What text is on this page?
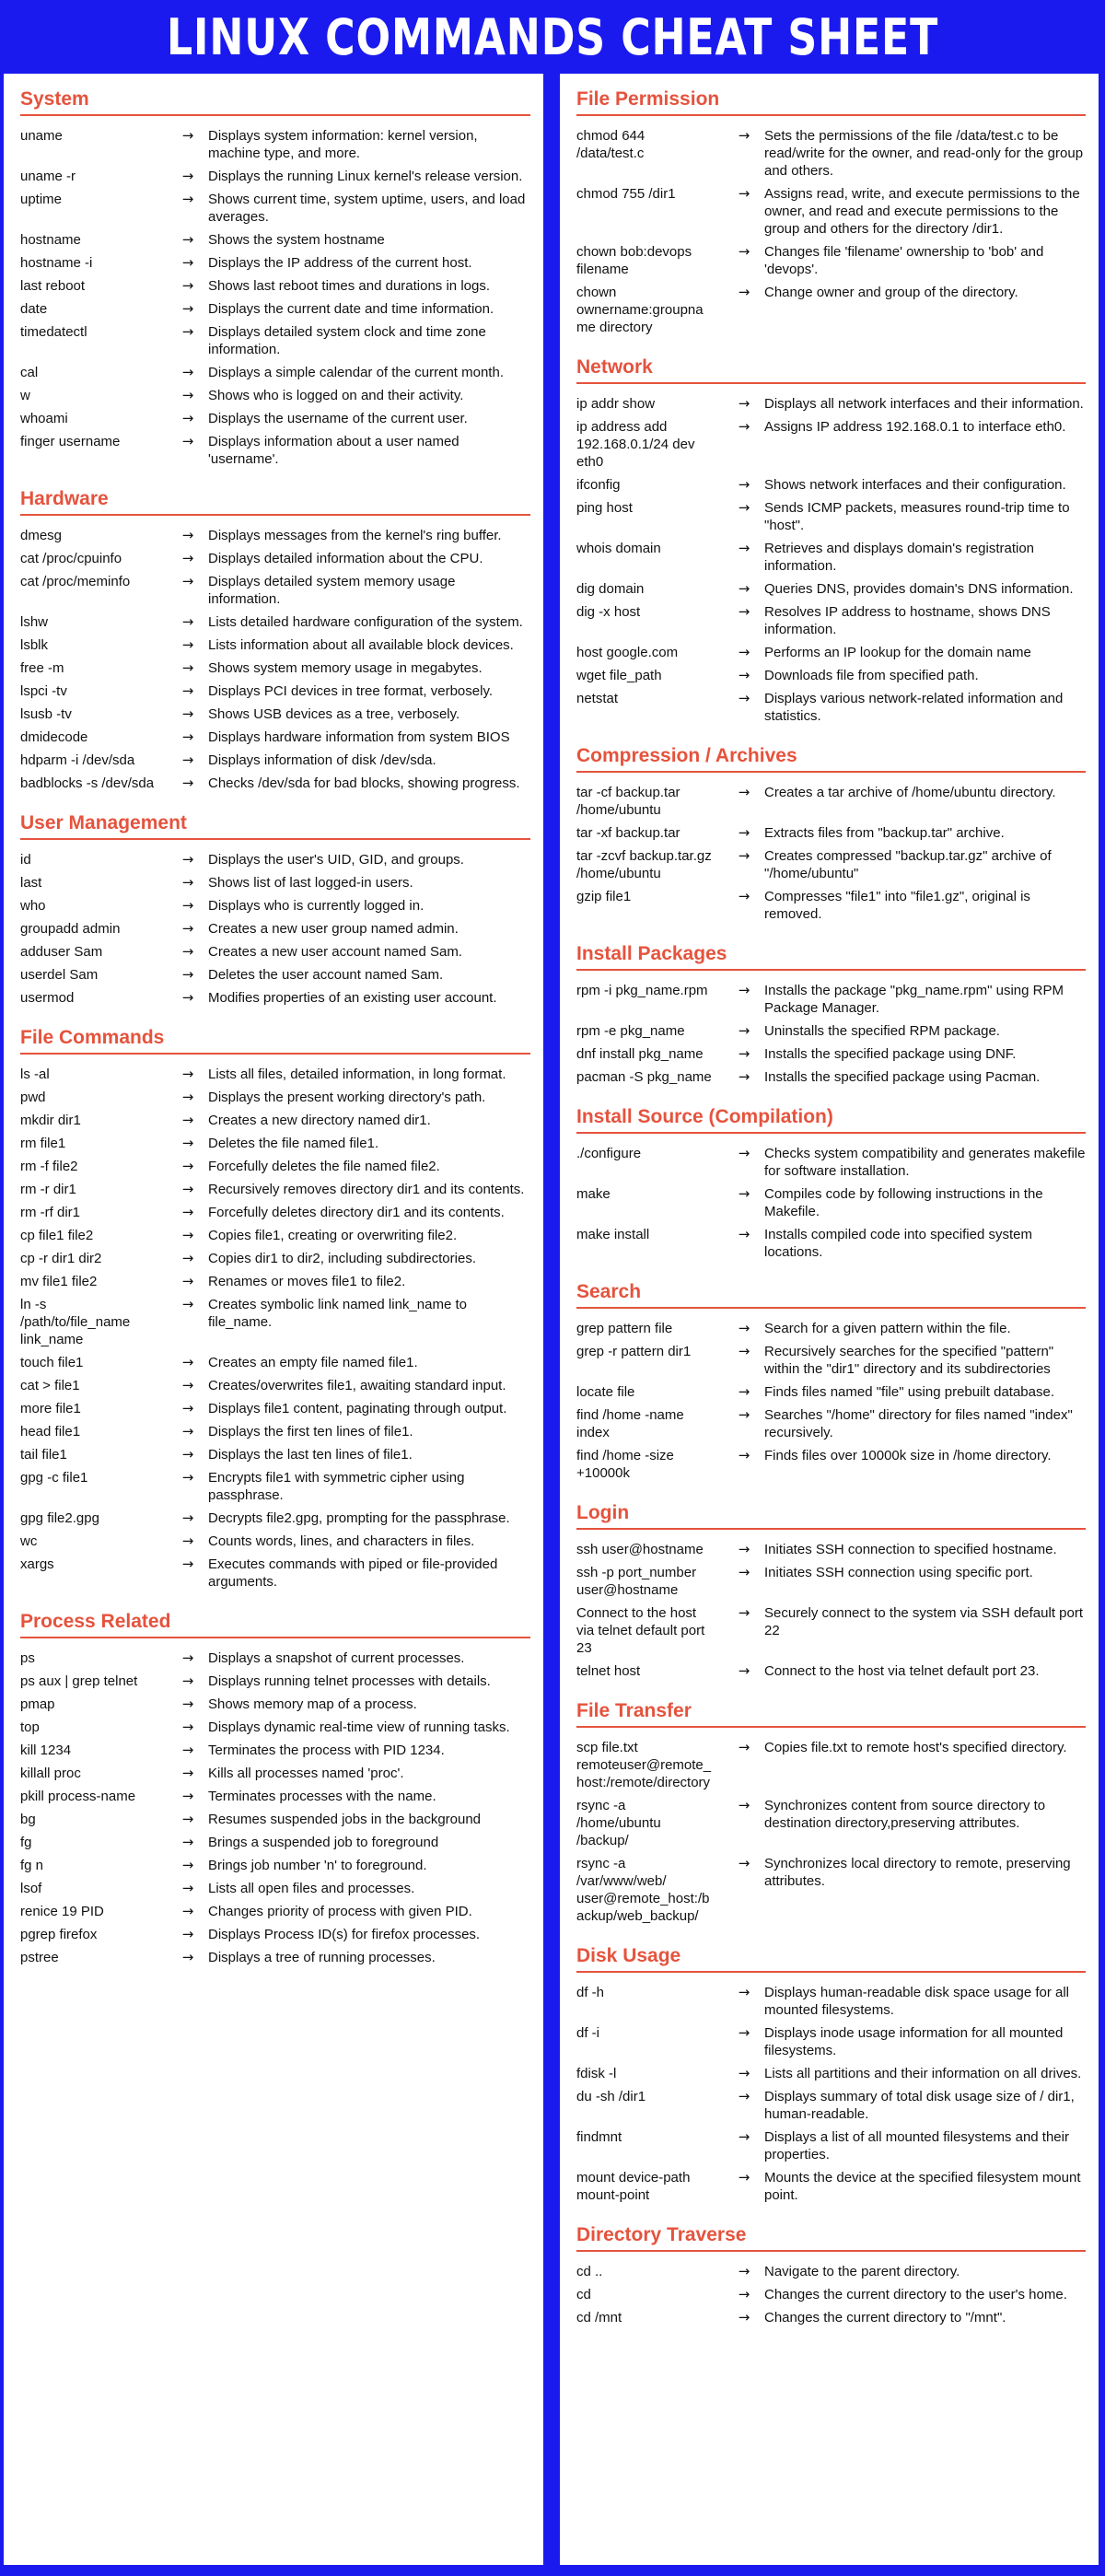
LINUX COMMANDS CHEAT SHEET
System
uname	→	Displays system information: kernel version, machine type, and more.
uname -r	→	Displays the running Linux kernel's release version.
uptime	→	Shows current time, system uptime, users, and load averages.
hostname	→	Shows the system hostname
hostname -i	→	Displays the IP address of the current host.
last reboot	→	Shows last reboot times and durations in logs.
date	→	Displays the current date and time information.
timedatectl	→	Displays detailed system clock and time zone information.
cal	→	Displays a simple calendar of the current month.
w	→	Shows who is logged on and their activity.
whoami	→	Displays the username of the current user.
finger username	→	Displays information about a user named 'username'.
Hardware
dmesg	→	Displays messages from the kernel's ring buffer.
cat /proc/cpuinfo	→	Displays detailed information about the CPU.
cat /proc/meminfo	→	Displays detailed system memory usage information.
lshw	→	Lists detailed hardware configuration of the system.
lsblk	→	Lists information about all available block devices.
free -m	→	Shows system memory usage in megabytes.
lspci -tv	→	Displays PCI devices in tree format, verbosely.
lsusb -tv	→	Shows USB devices as a tree, verbosely.
dmidecode	→	Displays hardware information from system BIOS
hdparm -i /dev/sda	→	Displays information of disk /dev/sda.
badblocks -s /dev/sda	→	Checks /dev/sda for bad blocks, showing progress.
User Management
id	→	Displays the user's UID, GID, and groups.
last	→	Shows list of last logged-in users.
who	→	Displays who is currently logged in.
groupadd admin	→	Creates a new user group named admin.
adduser Sam	→	Creates a new user account named Sam.
userdel Sam	→	Deletes the user account named Sam.
usermod	→	Modifies properties of an existing user account.
File Commands
ls -al	→	Lists all files, detailed information, in long format.
pwd	→	Displays the present working directory's path.
mkdir dir1	→	Creates a new directory named dir1.
rm file1	→	Deletes the file named file1.
rm -f file2	→	Forcefully deletes the file named file2.
rm -r dir1	→	Recursively removes directory dir1 and its contents.
rm -rf dir1	→	Forcefully deletes directory dir1 and its contents.
cp file1 file2	→	Copies file1, creating or overwriting file2.
cp -r dir1 dir2	→	Copies dir1 to dir2, including subdirectories.
mv file1 file2	→	Renames or moves file1 to file2.
ln -s /path/to/file_name link_name
→	Creates symbolic link named link_name to file_name.
touch file1	→	Creates an empty file named file1.
cat > file1	→	Creates/overwrites file1, awaiting standard input.
more file1	→	Displays file1 content, paginating through output.
head file1	→	Displays the first ten lines of file1.
tail file1	→	Displays the last ten lines of file1.
gpg -c file1	→	Encrypts file1 with symmetric cipher using passphrase.
gpg file2.gpg	→	Decrypts file2.gpg, prompting for the passphrase.
wc	→	Counts words, lines, and characters in files.
xargs	→	Executes commands with piped or file-provided arguments.
Process Related
ps	→	Displays a snapshot of current processes.
ps aux | grep telnet	→	Displays running telnet processes with details.
pmap	→	Shows memory map of a process.
top	→	Displays dynamic real-time view of running tasks.
kill 1234	→	Terminates the process with PID 1234.
killall proc	→	Kills all processes named 'proc'.
pkill process-name	→	Terminates processes with the name.
bg	→	Resumes suspended jobs in the background
fg	→	Brings a suspended job to foreground
fg n	→	Brings job number 'n' to foreground.
lsof	→	Lists all open files and processes.
renice 19 PID	→	Changes priority of process with given PID.
pgrep firefox	→	Displays Process ID(s) for firefox processes.
pstree	→	Displays a tree of running processes.
File Permission
chmod 644 /data/test.c
→	Sets the permissions of the file /data/test.c to be read/write for the owner, and read-only for the group and others.
chmod 755 /dir1	→	Assigns read, write, and execute permissions to the owner, and read and execute permissions to the group and others for the directory /dir1.
chown bob:devops filename
→	Changes file 'filename' ownership to 'bob' and 'devops'.
chown ownername:groupname directory
→	Change owner and group of the directory.
Network
ip addr show	→	Displays all network interfaces and their information.
ip address add 192.168.0.1/24 dev eth0
→	Assigns IP address 192.168.0.1 to interface eth0.
ifconfig	→	Shows network interfaces and their configuration.
ping host	→	Sends ICMP packets, measures round-trip time to "host".
whois domain	→	Retrieves and displays domain's registration information.
dig domain	→	Queries DNS, provides domain's DNS information.
dig -x host	→	Resolves IP address to hostname, shows DNS information.
host google.com	→	Performs an IP lookup for the domain name
wget file_path	→	Downloads file from specified path.
netstat	→	Displays various network-related information and statistics.
Compression / Archives
tar -cf backup.tar /home/ubuntu
→	Creates a tar archive of /home/ubuntu directory.
tar -xf backup.tar	→	Extracts files from "backup.tar" archive.
tar -zcvf backup.tar.gz /home/ubuntu
→	Creates compressed "backup.tar.gz" archive of "/home/ubuntu"
gzip file1	→	Compresses "file1" into "file1.gz", original is removed.
Install Packages
rpm -i pkg_name.rpm	→	Installs the package "pkg_name.rpm" using RPM Package Manager.
rpm -e pkg_name	→	Uninstalls the specified RPM package.
dnf install pkg_name	→	Installs the specified package using DNF.
pacman -S pkg_name	→	Installs the specified package using Pacman.
Install Source (Compilation)
./configure	→	Checks system compatibility and generates makefile for software installation.
make	→	Compiles code by following instructions in the Makefile.
make install	→	Installs compiled code into specified system locations.
Search
grep pattern file	→	Search for a given pattern within the file.
grep -r pattern dir1	→	Recursively searches for the specified "pattern" within the "dir1" directory and its subdirectories
locate file	→	Finds files named "file" using prebuilt database.
find /home -name index
→	Searches "/home" directory for files named "index" recursively.
find /home -size +10000k
→	Finds files over 10000k size in /home directory.
Login
ssh user@hostname	→	Initiates SSH connection to specified hostname.
ssh -p port_number user@hostname
→	Initiates SSH connection using specific port.
Connect to the host via telnet default port 23
→	Securely connect to the system via SSH default port 22
telnet host	→	Connect to the host via telnet default port 23.
File Transfer
scp file.txt remoteuser@remote_host:/remote/directory
→	Copies file.txt to remote host's specified directory.
rsync -a /home/ubuntu /backup/
→	Synchronizes content from source directory to destination directory,preserving attributes.
rsync -a /var/www/web/ user@remote_host:/backup/web_backup/
→	Synchronizes local directory to remote, preserving attributes.
Disk Usage
df -h	→	Displays human-readable disk space usage for all mounted filesystems.
df -i	→	Displays inode usage information for all mounted filesystems.
fdisk -l	→	Lists all partitions and their information on all drives.
du -sh /dir1	→	Displays summary of total disk usage size of / dir1, human-readable.
findmnt	→	Displays a list of all mounted filesystems and their properties.
mount device-path mount-point
→	Mounts the device at the specified filesystem mount point.
Directory Traverse
cd ..	→	Navigate to the parent directory.
cd	→	Changes the current directory to the user's home.
cd /mnt	→	Changes the current directory to "/mnt".
